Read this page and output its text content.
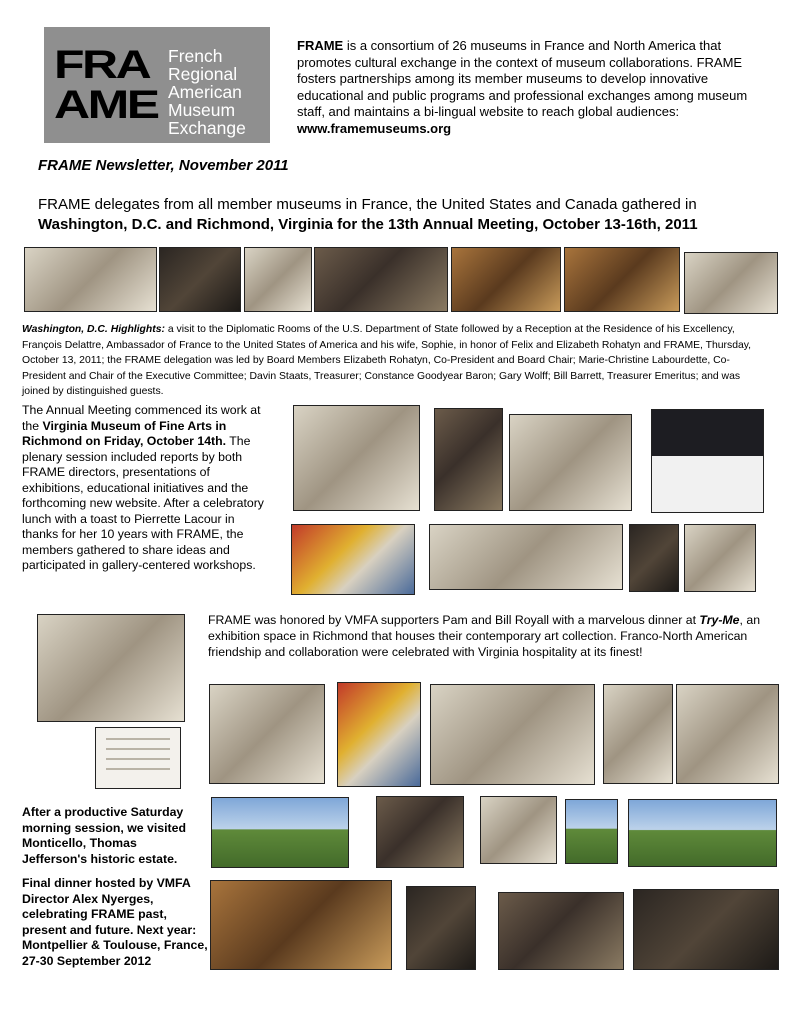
FRA
AME
French
Regional
American
Museum
Exchange
FRAME is a consortium of 26 museums in France and North America that promotes cultural exchange in the context of museum collaborations. FRAME fosters partnerships among its member museums to develop innovative educational and public programs and professional exchanges among museum staff, and maintains a bi-lingual website to reach global audiences: www.framemuseums.org
FRAME Newsletter, November 2011
FRAME delegates from all member museums in France, the United States and Canada gathered in
Washington, D.C. and Richmond, Virginia for the 13th Annual Meeting, October 13-16th, 2011
Washington, D.C. Highlights: a visit to the Diplomatic Rooms of the U.S. Department of State followed by a Reception at the Residence of his Excellency, François Delattre, Ambassador of France to the United States of America and his wife, Sophie, in honor of Felix and Elizabeth Rohatyn and FRAME, Thursday, October 13, 2011; the FRAME delegation was led by Board Members Elizabeth Rohatyn, Co-President and Board Chair; Marie-Christine Labourdette, Co-President and Chair of the Executive Committee; Davin Staats, Treasurer; Constance Goodyear Baron; Gary Wolff; Bill Barrett, Treasurer Emeritus; and was joined by distinguished guests.
The Annual Meeting commenced its work at the Virginia Museum of Fine Arts in Richmond on Friday, October 14th. The plenary session included reports by both FRAME directors, presentations of exhibitions, educational initiatives and the forthcoming new website. After a celebratory lunch with a toast to Pierrette Lacour in thanks for her 10 years with FRAME, the members gathered to share ideas and participated in gallery-centered workshops.
FRAME was honored by VMFA supporters Pam and Bill Royall with a marvelous dinner at Try-Me, an exhibition space in Richmond that houses their contemporary art collection. Franco-North American friendship and collaboration were celebrated with Virginia hospitality at its finest!
After a productive Saturday morning session, we visited Monticello, Thomas Jefferson's historic estate.
Final dinner hosted by VMFA Director Alex Nyerges, celebrating FRAME past, present and future. Next year: Montpellier & Toulouse, France, 27-30 September 2012
